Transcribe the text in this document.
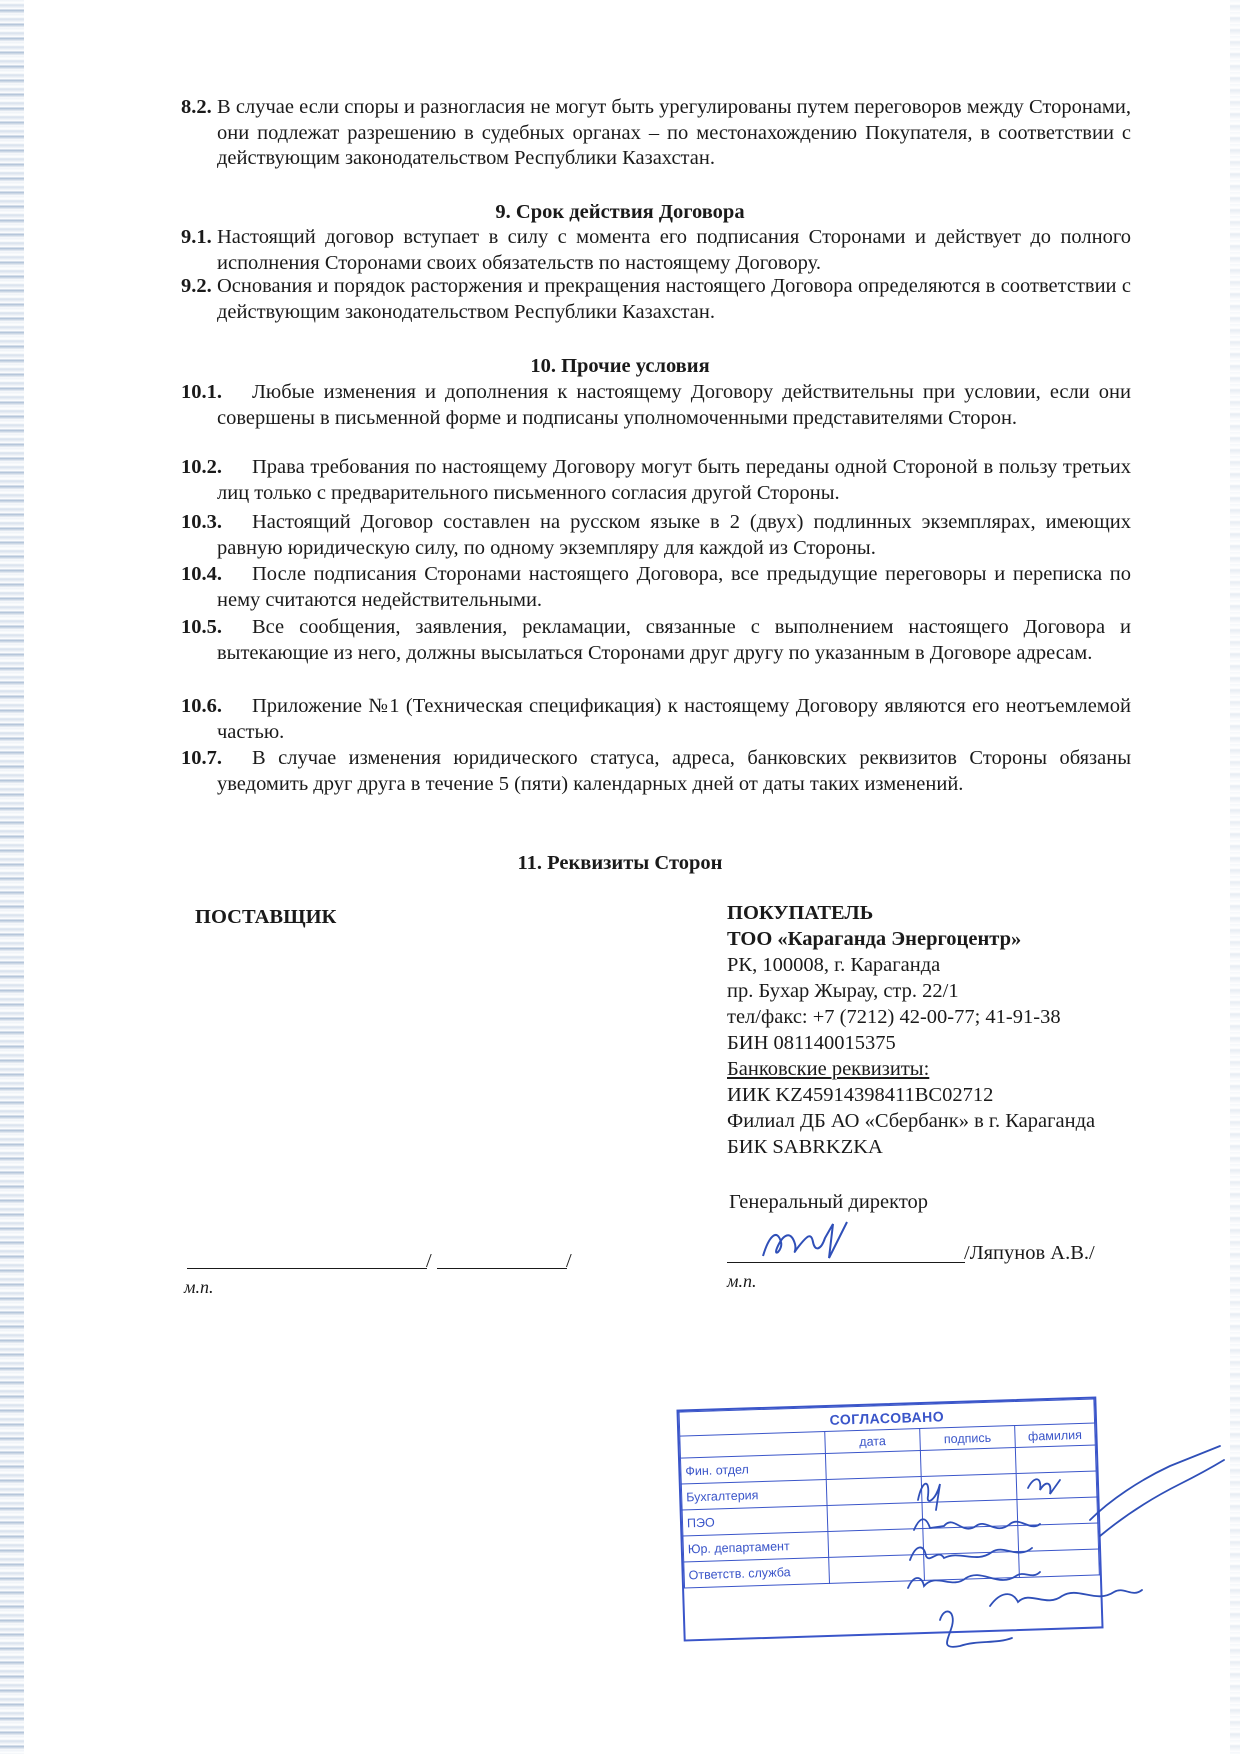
8.2. В случае если споры и разногласия не могут быть урегулированы путем переговоров между Сторонами, они подлежат разрешению в судебных органах – по местонахождению Покупателя, в соответствии с действующим законодательством Республики Казахстан.
9. Срок действия Договора
9.1. Настоящий договор вступает в силу с момента его подписания Сторонами и действует до полного исполнения Сторонами своих обязательств по настоящему Договору.
9.2. Основания и порядок расторжения и прекращения настоящего Договора определяются в соответствии с действующим законодательством Республики Казахстан.
10. Прочие условия
10.1.	Любые изменения и дополнения к настоящему Договору действительны при условии, если они совершены в письменной форме и подписаны уполномоченными представителями Сторон.
10.2.	Права требования по настоящему Договору могут быть переданы одной Стороной в пользу третьих лиц только с предварительного письменного согласия другой Стороны.
10.3.	Настоящий Договор составлен на русском языке в 2 (двух) подлинных экземплярах, имеющих равную юридическую силу, по одному экземпляру для каждой из Стороны.
10.4.	После подписания Сторонами настоящего Договора, все предыдущие переговоры и переписка по нему считаются недействительными.
10.5.	Все сообщения, заявления, рекламации, связанные с выполнением настоящего Договора и вытекающие из него, должны высылаться Сторонами друг другу по указанным в Договоре адресам.
10.6.	Приложение №1 (Техническая спецификация) к настоящему Договору являются его неотъемлемой частью.
10.7.	В случае изменения юридического статуса, адреса, банковских реквизитов Стороны обязаны уведомить друг друга в течение 5 (пяти) календарных дней от даты таких изменений.
11. Реквизиты Сторон
ПОСТАВЩИК
/	/
м.п.
ПОКУПАТЕЛЬ
ТОО «Караганда Энергоцентр»
РК, 100008, г. Караганда
пр. Бухар Жырау, стр. 22/1
тел/факс: +7 (7212) 42-00-77; 41-91-38
БИН 081140015375
Банковские реквизиты:
ИИК KZ45914398411BC02712
Филиал ДБ АО «Сбербанк» в г. Караганда
БИК SABRKZKA
Генеральный директор
/Ляпунов А.В./
м.п.
СОГЛАСОВАНО			
	дата	подпись	фамилия
Фин. отдел			
Бухгалтерия			
ПЭО			
Юр. департамент			
Ответств. служба			
